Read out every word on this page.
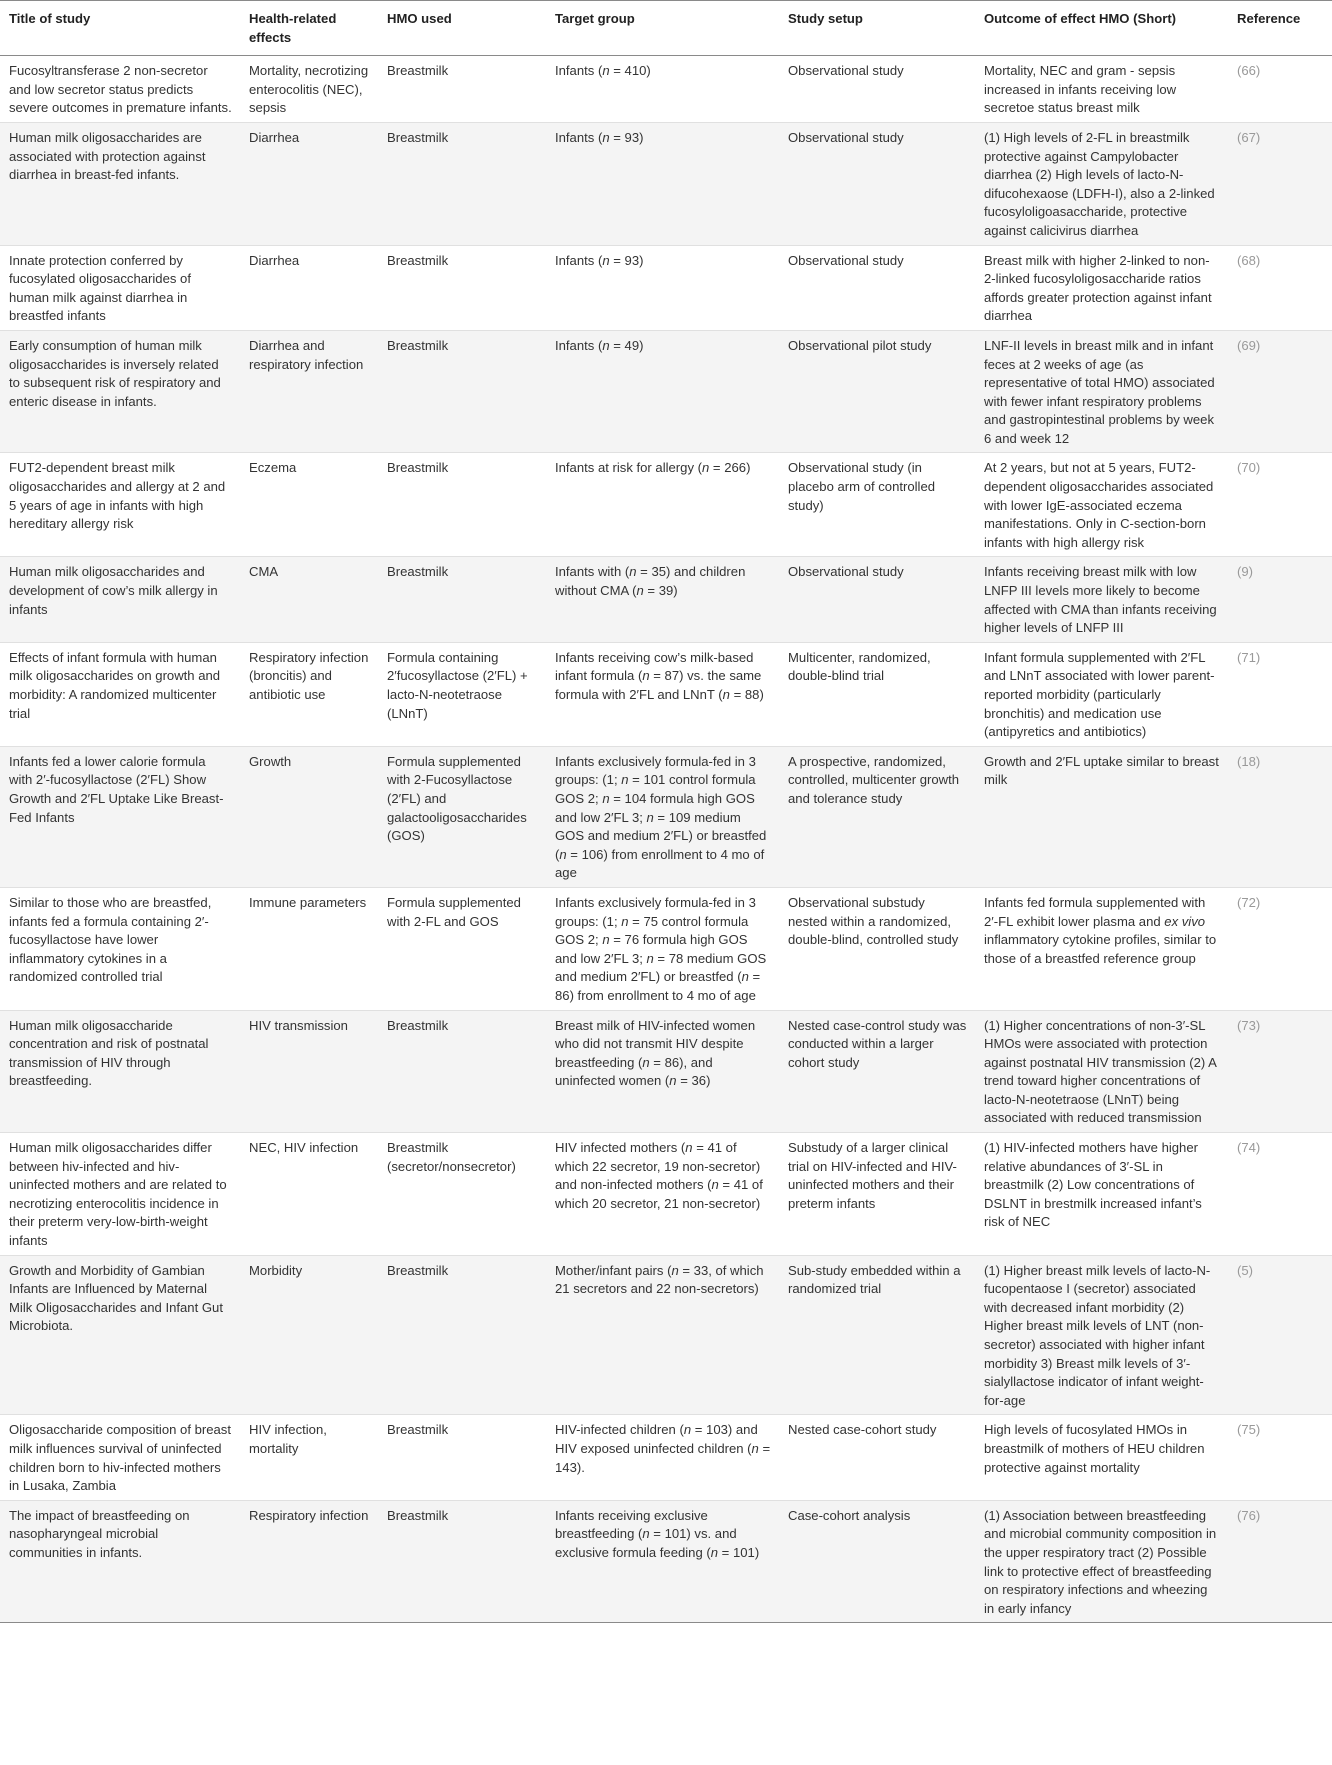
Title of study	Health-related effects	HMO used	Target group	Study setup	Outcome of effect HMO (Short)	Reference
Fucosyltransferase 2 non-secretor and low secretor status predicts severe outcomes in premature infants.	Mortality, necrotizing enterocolitis (NEC), sepsis	Breastmilk	Infants (n = 410)	Observational study	Mortality, NEC and gram - sepsis increased in infants receiving low secretoe status breast milk	(66)
Human milk oligosaccharides are associated with protection against diarrhea in breast-fed infants.	Diarrhea	Breastmilk	Infants (n = 93)	Observational study	(1) High levels of 2-FL in breastmilk protective against Campylobacter diarrhea (2) High levels of lacto-N-difucohexaose (LDFH-I), also a 2-linked fucosyloligoasaccharide, protective against calicivirus diarrhea	(67)
Innate protection conferred by fucosylated oligosaccharides of human milk against diarrhea in breastfed infants	Diarrhea	Breastmilk	Infants (n = 93)	Observational study	Breast milk with higher 2-linked to non-2-linked fucosyloligosaccharide ratios affords greater protection against infant diarrhea	(68)
Early consumption of human milk oligosaccharides is inversely related to subsequent risk of respiratory and enteric disease in infants.	Diarrhea and respiratory infection	Breastmilk	Infants (n = 49)	Observational pilot study	LNF-II levels in breast milk and in infant feces at 2 weeks of age (as representative of total HMO) associated with fewer infant respiratory problems and gastropintestinal problems by week 6 and week 12	(69)
FUT2-dependent breast milk oligosaccharides and allergy at 2 and 5 years of age in infants with high hereditary allergy risk	Eczema	Breastmilk	Infants at risk for allergy (n = 266)	Observational study (in placebo arm of controlled study)	At 2 years, but not at 5 years, FUT2-dependent oligosaccharides associated with lower IgE-associated eczema manifestations. Only in C-section-born infants with high allergy risk	(70)
Human milk oligosaccharides and development of cow’s milk allergy in infants	CMA	Breastmilk	Infants with (n = 35) and children without CMA (n = 39)	Observational study	Infants receiving breast milk with low LNFP III levels more likely to become affected with CMA than infants receiving higher levels of LNFP III	(9)
Effects of infant formula with human milk oligosaccharides on growth and morbidity: A randomized multicenter trial	Respiratory infection (broncitis) and antibiotic use	Formula containing 2′fucosyllactose (2′FL) + lacto-N-neotetraose (LNnT)	Infants receiving cow’s milk-based infant formula (n = 87) vs. the same formula with 2′FL and LNnT (n = 88)	Multicenter, randomized, double-blind trial	Infant formula supplemented with 2′FL and LNnT associated with lower parent-reported morbidity (particularly bronchitis) and medication use (antipyretics and antibiotics)	(71)
Infants fed a lower calorie formula with 2′-fucosyllactose (2′FL) Show Growth and 2′FL Uptake Like Breast-Fed Infants	Growth	Formula supplemented with 2-Fucosyllactose (2′FL) and galactooligosaccharides (GOS)	Infants exclusively formula-fed in 3 groups: (1; n = 101 control formula GOS 2; n = 104 formula high GOS and low 2′FL 3; n = 109 medium GOS and medium 2′FL) or breastfed (n = 106) from enrollment to 4 mo of age	A prospective, randomized, controlled, multicenter growth and tolerance study	Growth and 2′FL uptake similar to breast milk	(18)
Similar to those who are breastfed, infants fed a formula containing 2′-fucosyllactose have lower inflammatory cytokines in a randomized controlled trial	Immune parameters	Formula supplemented with 2-FL and GOS	Infants exclusively formula-fed in 3 groups: (1; n = 75 control formula GOS 2; n = 76 formula high GOS and low 2′FL 3; n = 78 medium GOS and medium 2′FL) or breastfed (n = 86) from enrollment to 4 mo of age	Observational substudy nested within a randomized, double-blind, controlled study	Infants fed formula supplemented with 2′-FL exhibit lower plasma and ex vivo inflammatory cytokine profiles, similar to those of a breastfed reference group	(72)
Human milk oligosaccharide concentration and risk of postnatal transmission of HIV through breastfeeding.	HIV transmission	Breastmilk	Breast milk of HIV-infected women who did not transmit HIV despite breastfeeding (n = 86), and uninfected women (n = 36)	Nested case-control study was conducted within a larger cohort study	(1) Higher concentrations of non-3′-SL HMOs were associated with protection against postnatal HIV transmission (2) A trend toward higher concentrations of lacto-N-neotetraose (LNnT) being associated with reduced transmission	(73)
Human milk oligosaccharides differ between hiv-infected and hiv-uninfected mothers and are related to necrotizing enterocolitis incidence in their preterm very-low-birth-weight infants	NEC, HIV infection	Breastmilk (secretor/nonsecretor)	HIV infected mothers (n = 41 of which 22 secretor, 19 non-secretor) and non-infected mothers (n = 41 of which 20 secretor, 21 non-secretor)	Substudy of a larger clinical trial on HIV-infected and HIV-uninfected mothers and their preterm infants	(1) HIV-infected mothers have higher relative abundances of 3′-SL in breastmilk (2) Low concentrations of DSLNT in brestmilk increased infant’s risk of NEC	(74)
Growth and Morbidity of Gambian Infants are Influenced by Maternal Milk Oligosaccharides and Infant Gut Microbiota.	Morbidity	Breastmilk	Mother/infant pairs (n = 33, of which 21 secretors and 22 non-secretors)	Sub-study embedded within a randomized trial	(1) Higher breast milk levels of lacto-N-fucopentaose I (secretor) associated with decreased infant morbidity (2) Higher breast milk levels of LNT (non-secretor) associated with higher infant morbidity 3) Breast milk levels of 3′-sialyllactose indicator of infant weight-for-age	(5)
Oligosaccharide composition of breast milk influences survival of uninfected children born to hiv-infected mothers in Lusaka, Zambia	HIV infection, mortality	Breastmilk	HIV-infected children (n = 103) and HIV exposed uninfected children (n = 143).	Nested case-cohort study	High levels of fucosylated HMOs in breastmilk of mothers of HEU children protective against mortality	(75)
The impact of breastfeeding on nasopharyngeal microbial communities in infants.	Respiratory infection	Breastmilk	Infants receiving exclusive breastfeeding (n = 101) vs. and exclusive formula feeding (n = 101)	Case-cohort analysis	(1) Association between breastfeeding and microbial community composition in the upper respiratory tract (2) Possible link to protective effect of breastfeeding on respiratory infections and wheezing in early infancy	(76)
